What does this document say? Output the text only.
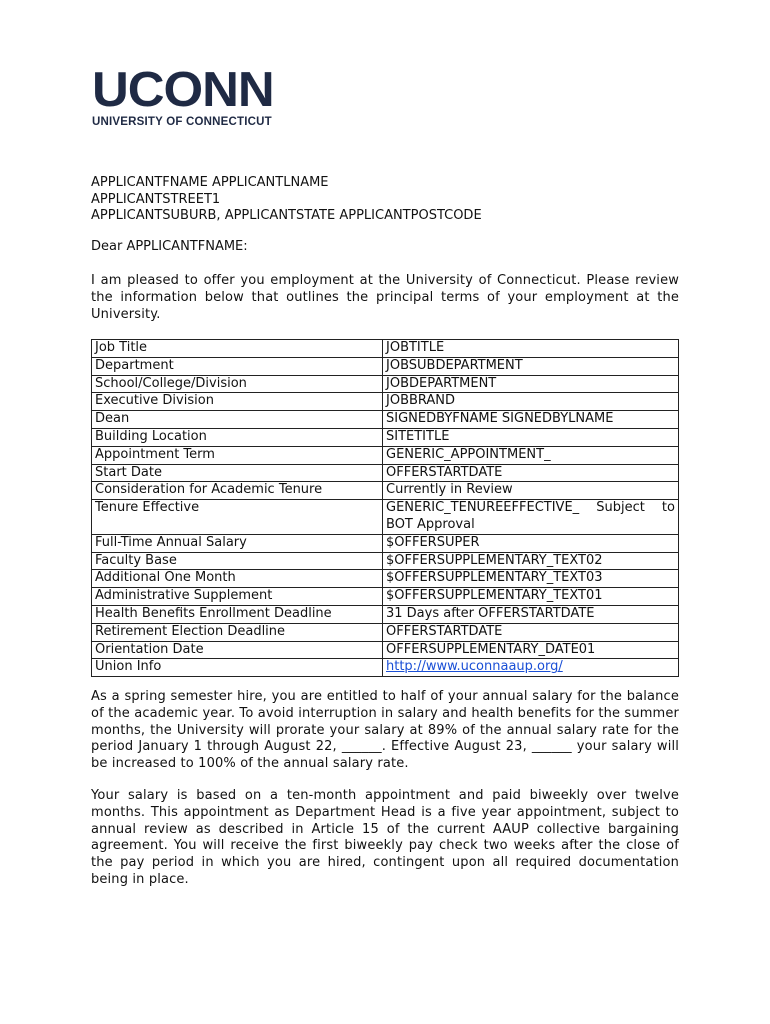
UCONN
UNIVERSITY OF CONNECTICUT
APPLICANTFNAME APPLICANTLNAME
APPLICANTSTREET1
APPLICANTSUBURB, APPLICANTSTATE APPLICANTPOSTCODE
Dear APPLICANTFNAME:
I am pleased to offer you employment at the University of Connecticut. Please review the information below that outlines the principal terms of your employment at the University.
Job Title	JOBTITLE
Department	JOBSUBDEPARTMENT
School/College/Division	JOBDEPARTMENT
Executive Division	JOBBRAND
Dean	SIGNEDBYFNAME SIGNEDBYLNAME
Building Location	SITETITLE
Appointment Term	GENERIC_APPOINTMENT_
Start Date	OFFERSTARTDATE
Consideration for Academic Tenure	Currently in Review
Tenure Effective	GENERIC_TENUREEFFECTIVE_ Subject to BOT Approval
Full-Time Annual Salary	$OFFERSUPER
Faculty Base	$OFFERSUPPLEMENTARY_TEXT02
Additional One Month	$OFFERSUPPLEMENTARY_TEXT03
Administrative Supplement	$OFFERSUPPLEMENTARY_TEXT01
Health Benefits Enrollment Deadline	31 Days after OFFERSTARTDATE
Retirement Election Deadline	OFFERSTARTDATE
Orientation Date	OFFERSUPPLEMENTARY_DATE01
Union Info	http://www.uconnaaup.org/
As a spring semester hire, you are entitled to half of your annual salary for the balance of the academic year. To avoid interruption in salary and health benefits for the summer months, the University will prorate your salary at 89% of the annual salary rate for the period January 1 through August 22, ______. Effective August 23, ______ your salary will be increased to 100% of the annual salary rate.
Your salary is based on a ten-month appointment and paid biweekly over twelve months. This appointment as Department Head is a five year appointment, subject to annual review as described in Article 15 of the current AAUP collective bargaining agreement. You will receive the first biweekly pay check two weeks after the close of the pay period in which you are hired, contingent upon all required documentation being in place.
